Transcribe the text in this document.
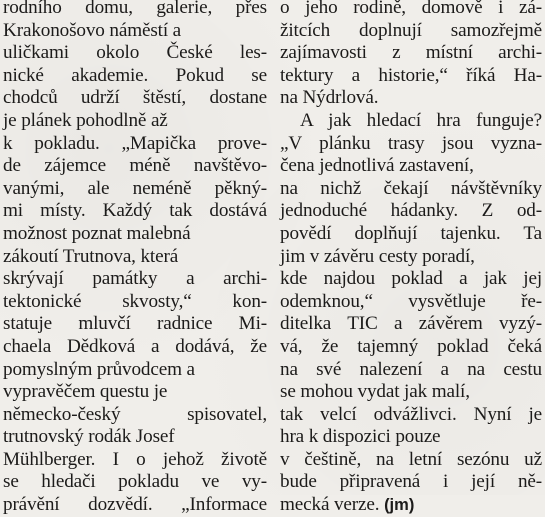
rodního domu, galerie, přes
Krakonošovo náměstí a
uličkami okolo České les-
nické akademie. Pokud se
chodců udrží štěstí, dostane
je plánek pohodlně až
k pokladu. „Mapička prove-
de zájemce méně navštěvo-
vanými, ale neméně pěkný-
mi místy. Každý tak dostává
možnost poznat malebná
zákoutí Trutnova, která
skrývají památky a archi-
tektonické skvosty,“ kon-
statuje mluvčí radnice Mi-
chaela Dědková a dodává, že
pomyslným průvodcem a
vypravěčem questu je
německo-český spisovatel,
trutnovský rodák Josef
Mühlberger. I o jehož životě
se hledači pokladu ve vy-
právění dozvědí. „Informace
o jeho rodině, domově i zá-
žitcích doplnují samozřejmě
zajímavosti z místní archi-
tektury a historie,“ říká Ha-
na Nýdrlová.
A jak hledací hra funguje?
„V plánku trasy jsou vyzna-
čena jednotlivá zastavení,
na nichž čekají návštěvníky
jednoduché hádanky. Z od-
povědí doplňují tajenku. Ta
jim v závěru cesty poradí,
kde najdou poklad a jak jej
odemknou,“ vysvětluje ře-
ditelka TIC a závěrem vyzý-
vá, že tajemný poklad čeká
na své nalezení a na cestu
se mohou vydat jak malí,
tak velcí odvážlivci. Nyní je
hra k dispozici pouze
v češtině, na letní sezónu už
bude připravená i její ně-
mecká verze. (jm)
